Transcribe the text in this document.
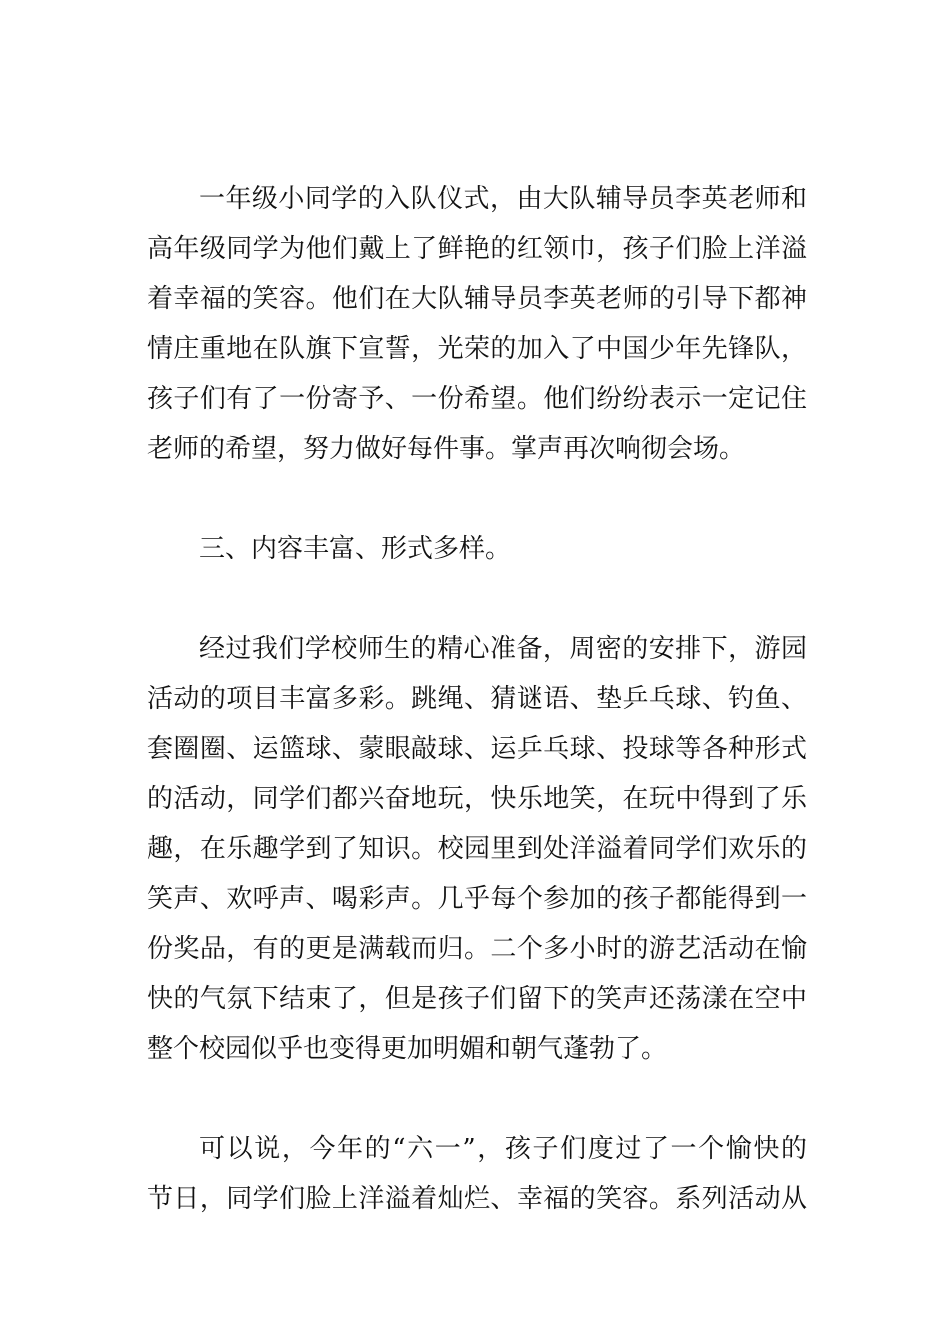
一年级小同学的入队仪式，由大队辅导员李英老师和
高年级同学为他们戴上了鲜艳的红领巾，孩子们脸上洋溢
着幸福的笑容。他们在大队辅导员李英老师的引导下都神
情庄重地在队旗下宣誓，光荣的加入了中国少年先锋队，
孩子们有了一份寄予、一份希望。他们纷纷表示一定记住
老师的希望，努力做好每件事。掌声再次响彻会场。
三、内容丰富、形式多样。
经过我们学校师生的精心准备，周密的安排下，游园
活动的项目丰富多彩。跳绳、猜谜语、垫乒乓球、钓鱼、
套圈圈、运篮球、蒙眼敲球、运乒乓球、投球等各种形式
的活动，同学们都兴奋地玩，快乐地笑，在玩中得到了乐
趣，在乐趣学到了知识。校园里到处洋溢着同学们欢乐的
笑声、欢呼声、喝彩声。几乎每个参加的孩子都能得到一
份奖品，有的更是满载而归。二个多小时的游艺活动在愉
快的气氛下结束了，但是孩子们留下的笑声还荡漾在空中
整个校园似乎也变得更加明媚和朝气蓬勃了。
可以说，今年的“六一”，孩子们度过了一个愉快的
节日，同学们脸上洋溢着灿烂、幸福的笑容。系列活动从
